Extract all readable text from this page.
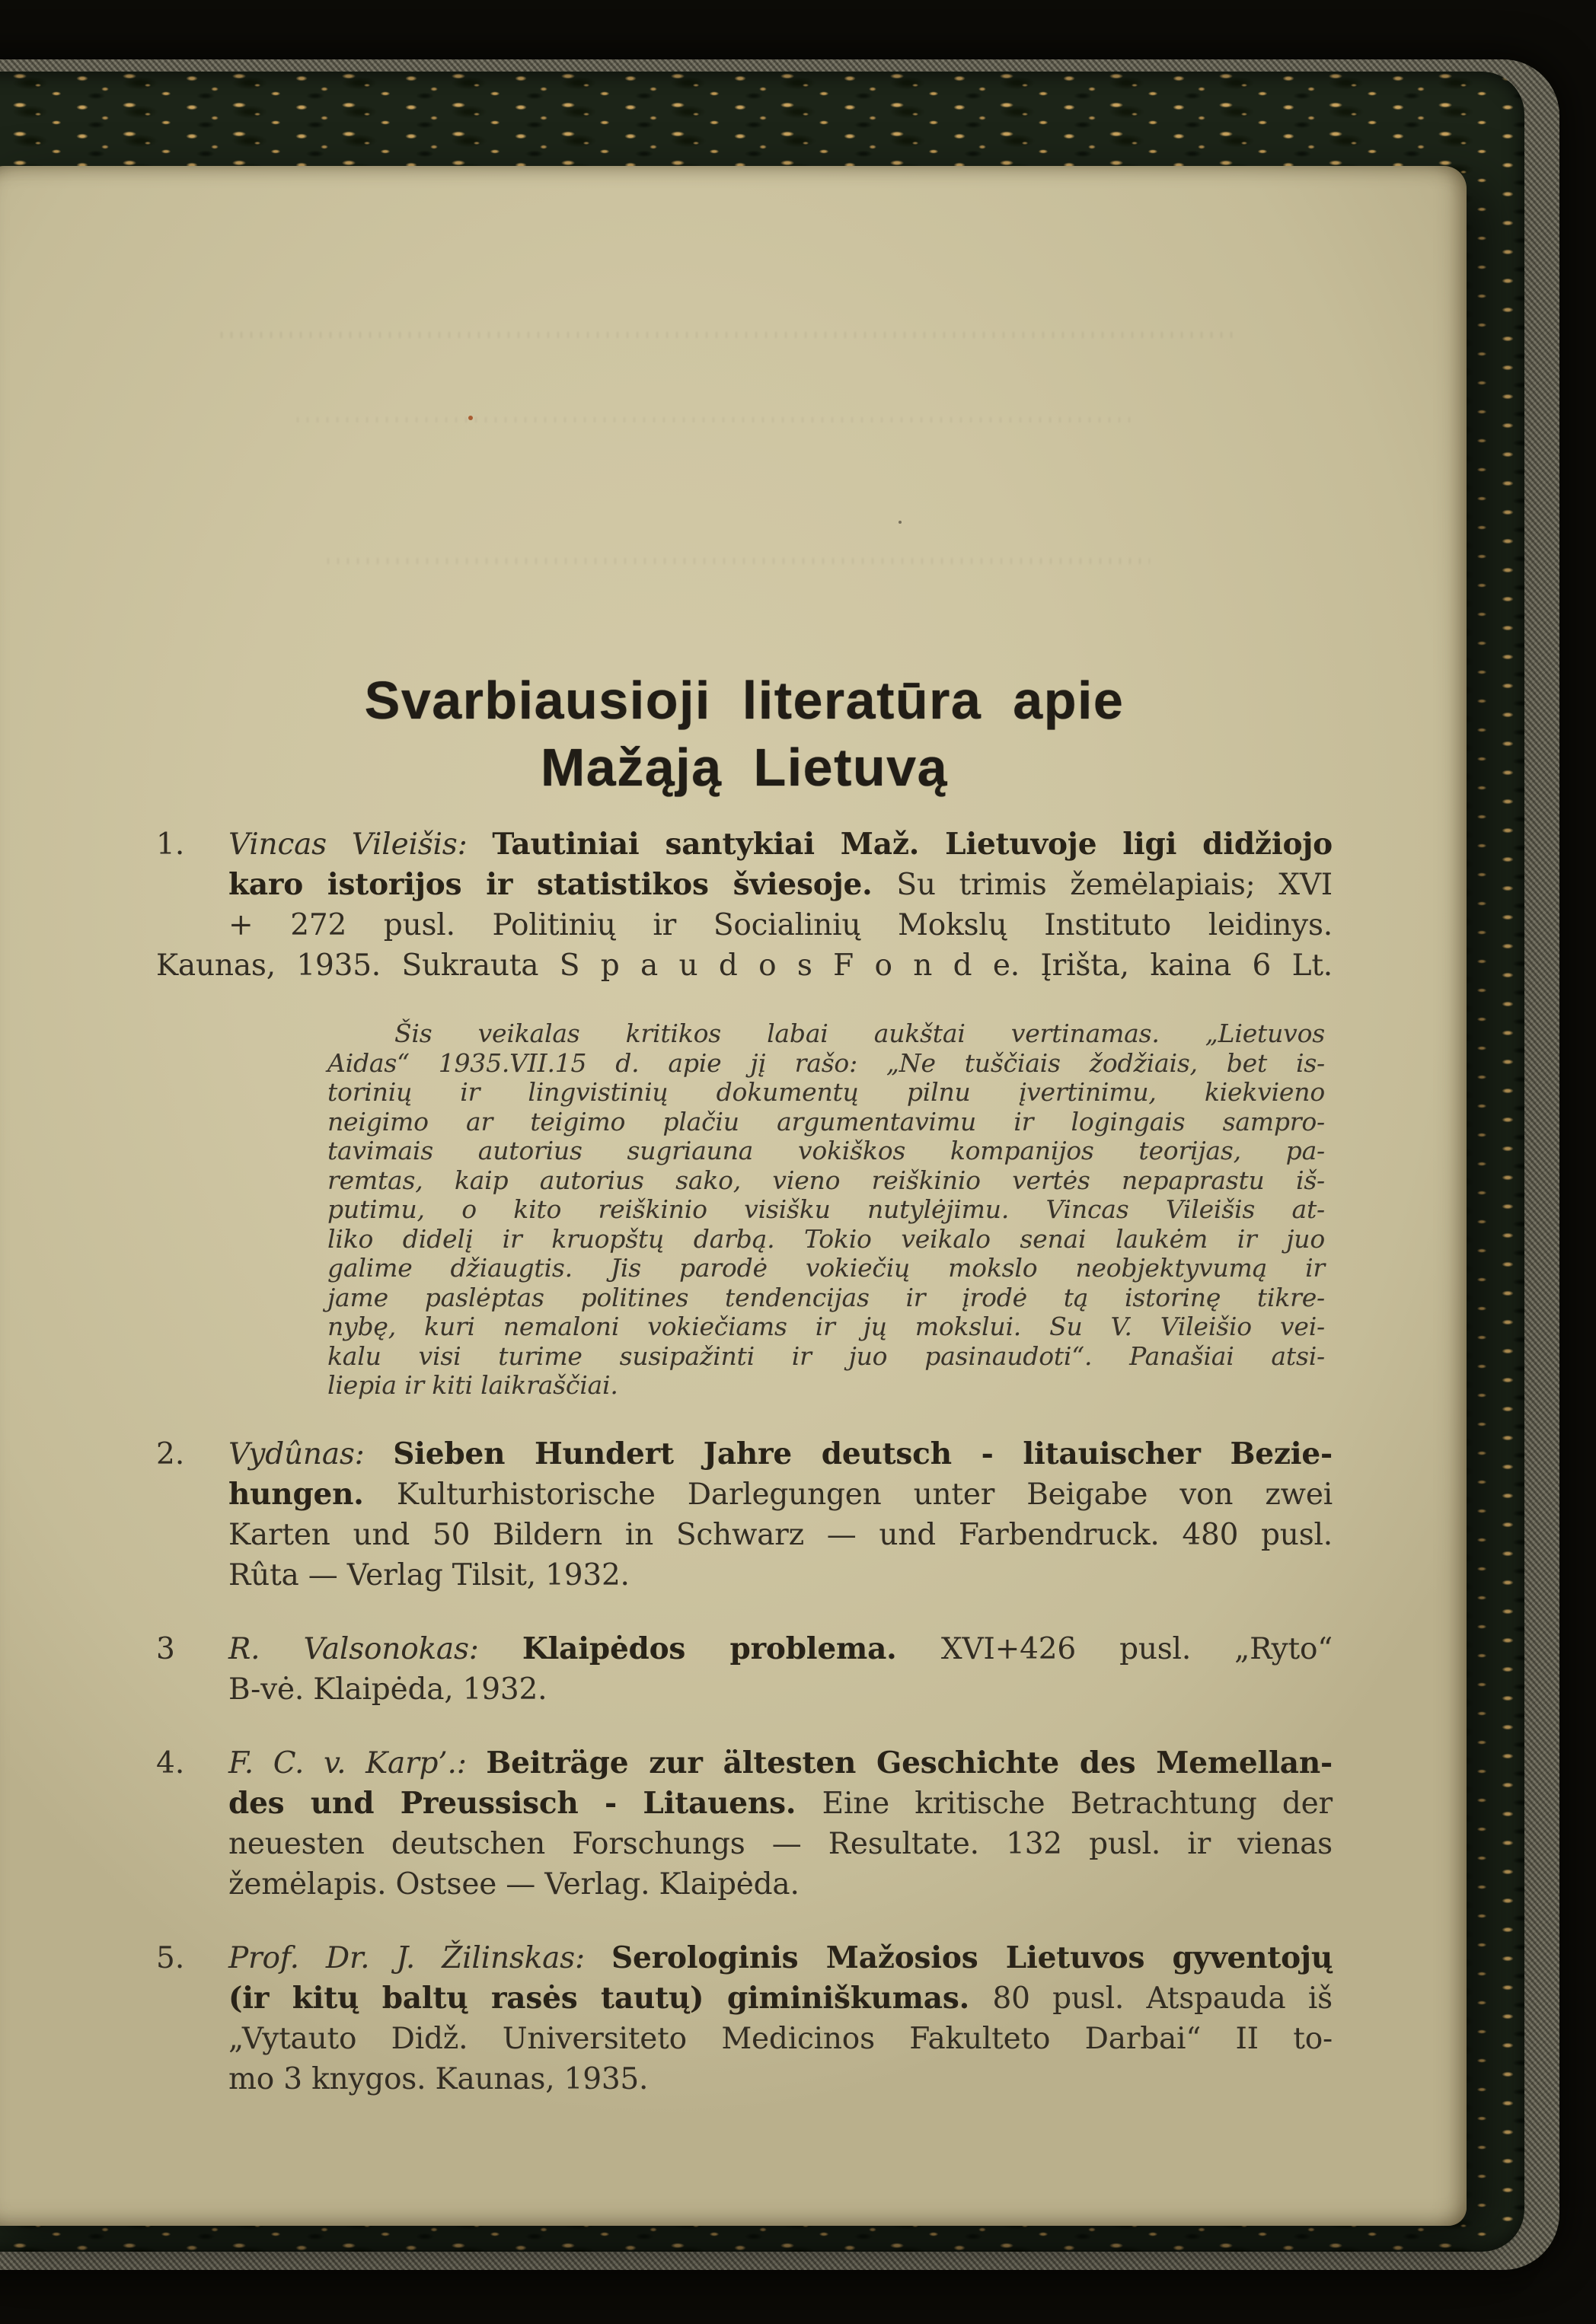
Svarbiausioji literatūra apie
Mažąją Lietuvą
1.	Vincas Vileišis: Tautiniai santykiai Maž. Lietuvoje ligi didžiojo
karo istorijos ir statistikos šviesoje. Su trimis žemėlapiais; XVI
+ 272 pusl. Politinių ir Socialinių Mokslų Instituto leidinys.
Kaunas, 1935. Sukrauta S p a u d o s F o n d e. Įrišta, kaina 6 Lt.
Šis veikalas kritikos labai aukštai vertinamas. „Lietuvos
Aidas“ 1935.VII.15 d. apie jį rašo: „Ne tuščiais žodžiais, bet is-
torinių ir lingvistinių dokumentų pilnu įvertinimu, kiekvieno
neigimo ar teigimo plačiu argumentavimu ir logingais sampro-
tavimais autorius sugriauna vokiškos kompanijos teorijas, pa-
remtas, kaip autorius sako, vieno reiškinio vertės nepaprastu iš-
putimu, o kito reiškinio visišku nutylėjimu. Vincas Vileišis at-
liko didelį ir kruopštų darbą. Tokio veikalo senai laukėm ir juo
galime džiaugtis. Jis parodė vokiečių mokslo neobjektyvumą ir
jame paslėptas politines tendencijas ir įrodė tą istorinę tikre-
nybę, kuri nemaloni vokiečiams ir jų mokslui. Su V. Vileišio vei-
kalu visi turime susipažinti ir juo pasinaudoti“. Panašiai atsi-
liepia ir kiti laikraščiai.
2.	Vydûnas: Sieben Hundert Jahre deutsch - litauischer Bezie-
hungen. Kulturhistorische Darlegungen unter Beigabe von zwei
Karten und 50 Bildern in Schwarz — und Farbendruck. 480 pusl.
Rûta — Verlag Tilsit, 1932.
3	R. Valsonokas: Klaipėdos problema. XVI+426 pusl. „Ryto“
B-vė. Klaipėda, 1932.
4.	F. C. v. Karp’.: Beiträge zur ältesten Geschichte des Memellan-
des und Preussisch - Litauens. Eine kritische Betrachtung der
neuesten deutschen Forschungs — Resultate. 132 pusl. ir vienas
žemėlapis. Ostsee — Verlag. Klaipėda.
5.	Prof. Dr. J. Žilinskas: Serologinis Mažosios Lietuvos gyventojų
(ir kitų baltų rasės tautų) giminiškumas. 80 pusl. Atspauda iš
„Vytauto Didž. Universiteto Medicinos Fakulteto Darbai“ II to-
mo 3 knygos. Kaunas, 1935.
